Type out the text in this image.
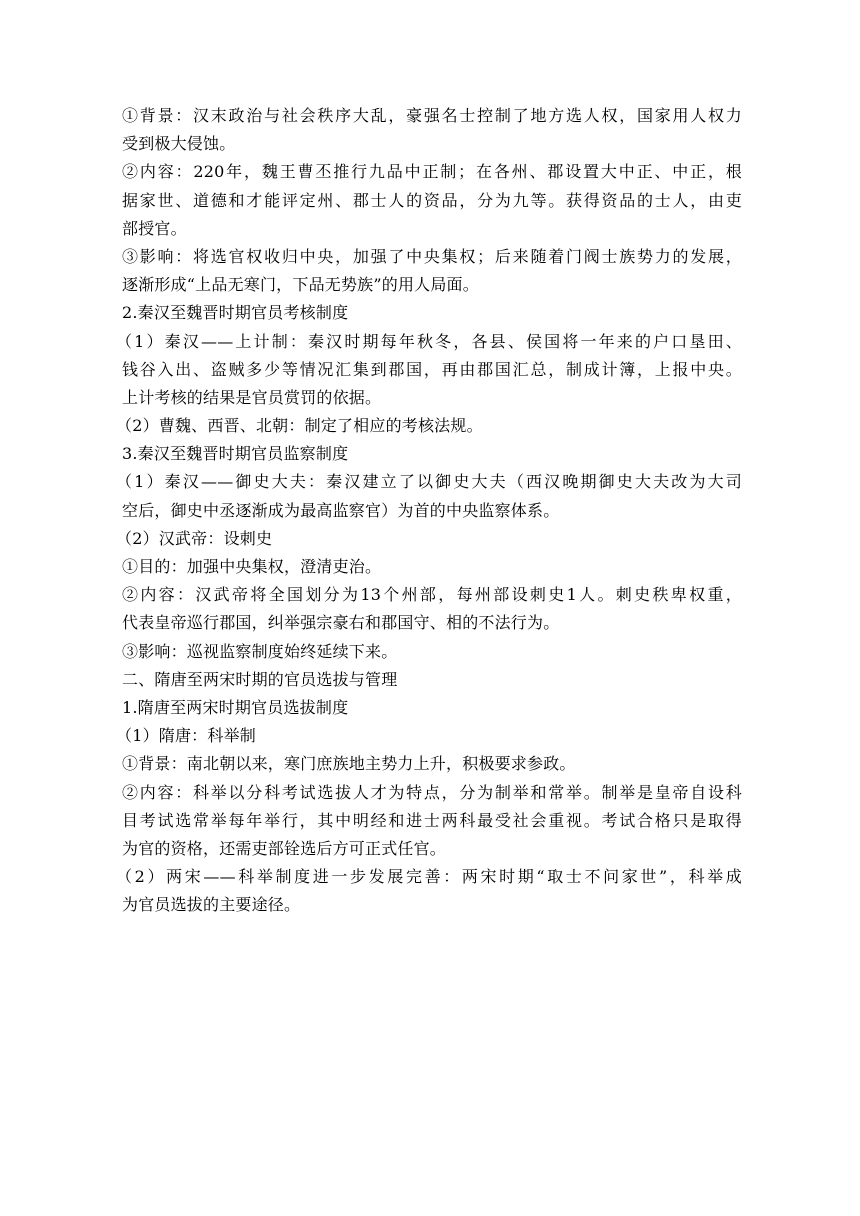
①背景：汉末政治与社会秩序大乱，豪强名士控制了地方选人权，国家用人权力
受到极大侵蚀。
②内容：220年，魏王曹丕推行九品中正制；在各州、郡设置大中正、中正，根
据家世、道德和才能评定州、郡士人的资品，分为九等。获得资品的士人，由吏
部授官。
③影响：将选官权收归中央，加强了中央集权；后来随着门阀士族势力的发展，
逐渐形成“上品无寒门，下品无势族”的用人局面。
2.秦汉至魏晋时期官员考核制度
（1）秦汉——上计制：秦汉时期每年秋冬，各县、侯国将一年来的户口垦田、
钱谷入出、盗贼多少等情况汇集到郡国，再由郡国汇总，制成计簿，上报中央。
上计考核的结果是官员赏罚的依据。
（2）曹魏、西晋、北朝：制定了相应的考核法规。
3.秦汉至魏晋时期官员监察制度
（1）秦汉——御史大夫：秦汉建立了以御史大夫（西汉晚期御史大夫改为大司
空后，御史中丞逐渐成为最高监察官）为首的中央监察体系。
（2）汉武帝：设刺史
①目的：加强中央集权，澄清吏治。
②内容：汉武帝将全国划分为13个州部，每州部设刺史1人。刺史秩卑权重，
代表皇帝巡行郡国，纠举强宗豪右和郡国守、相的不法行为。
③影响：巡视监察制度始终延续下来。
二、隋唐至两宋时期的官员选拔与管理
1.隋唐至两宋时期官员选拔制度
（1）隋唐：科举制
①背景：南北朝以来，寒门庶族地主势力上升，积极要求参政。
②内容：科举以分科考试选拔人才为特点，分为制举和常举。制举是皇帝自设科
目考试选常举每年举行，其中明经和进士两科最受社会重视。考试合格只是取得
为官的资格，还需吏部铨选后方可正式任官。
（2）两宋——科举制度进一步发展完善：两宋时期“取士不问家世”，科举成
为官员选拔的主要途径。
